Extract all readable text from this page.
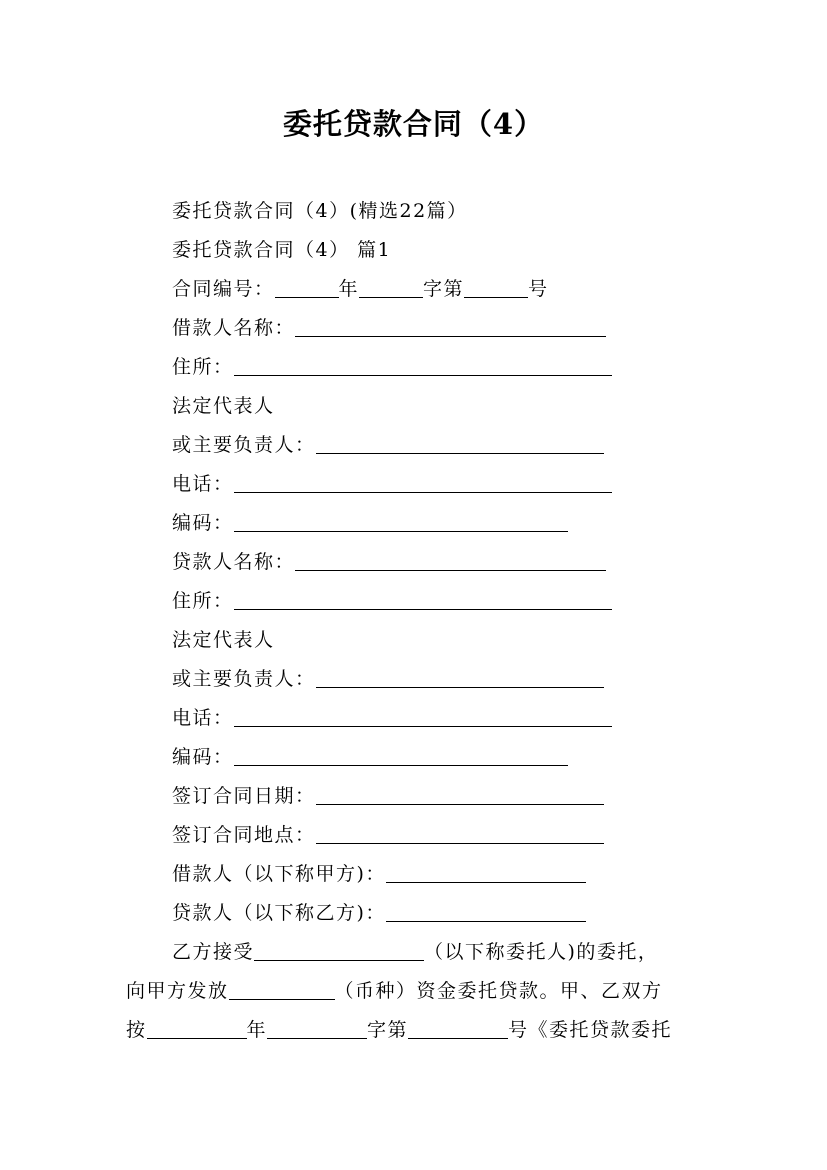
委托贷款合同（4）
委托贷款合同（4）(精选22篇）
委托贷款合同（4） 篇1
合同编号：	年	字第	号
借款人名称：
住所：
法定代表人
或主要负责人：
电话：
编码：
贷款人名称：
住所：
法定代表人
或主要负责人：
电话：
编码：
签订合同日期：
签订合同地点：
借款人（以下称甲方)：
贷款人（以下称乙方)：
乙方接受	（以下称委托人)的委托，
向甲方发放	（币种）资金委托贷款。甲、乙双方
按	年	字第	号《委托贷款委托
